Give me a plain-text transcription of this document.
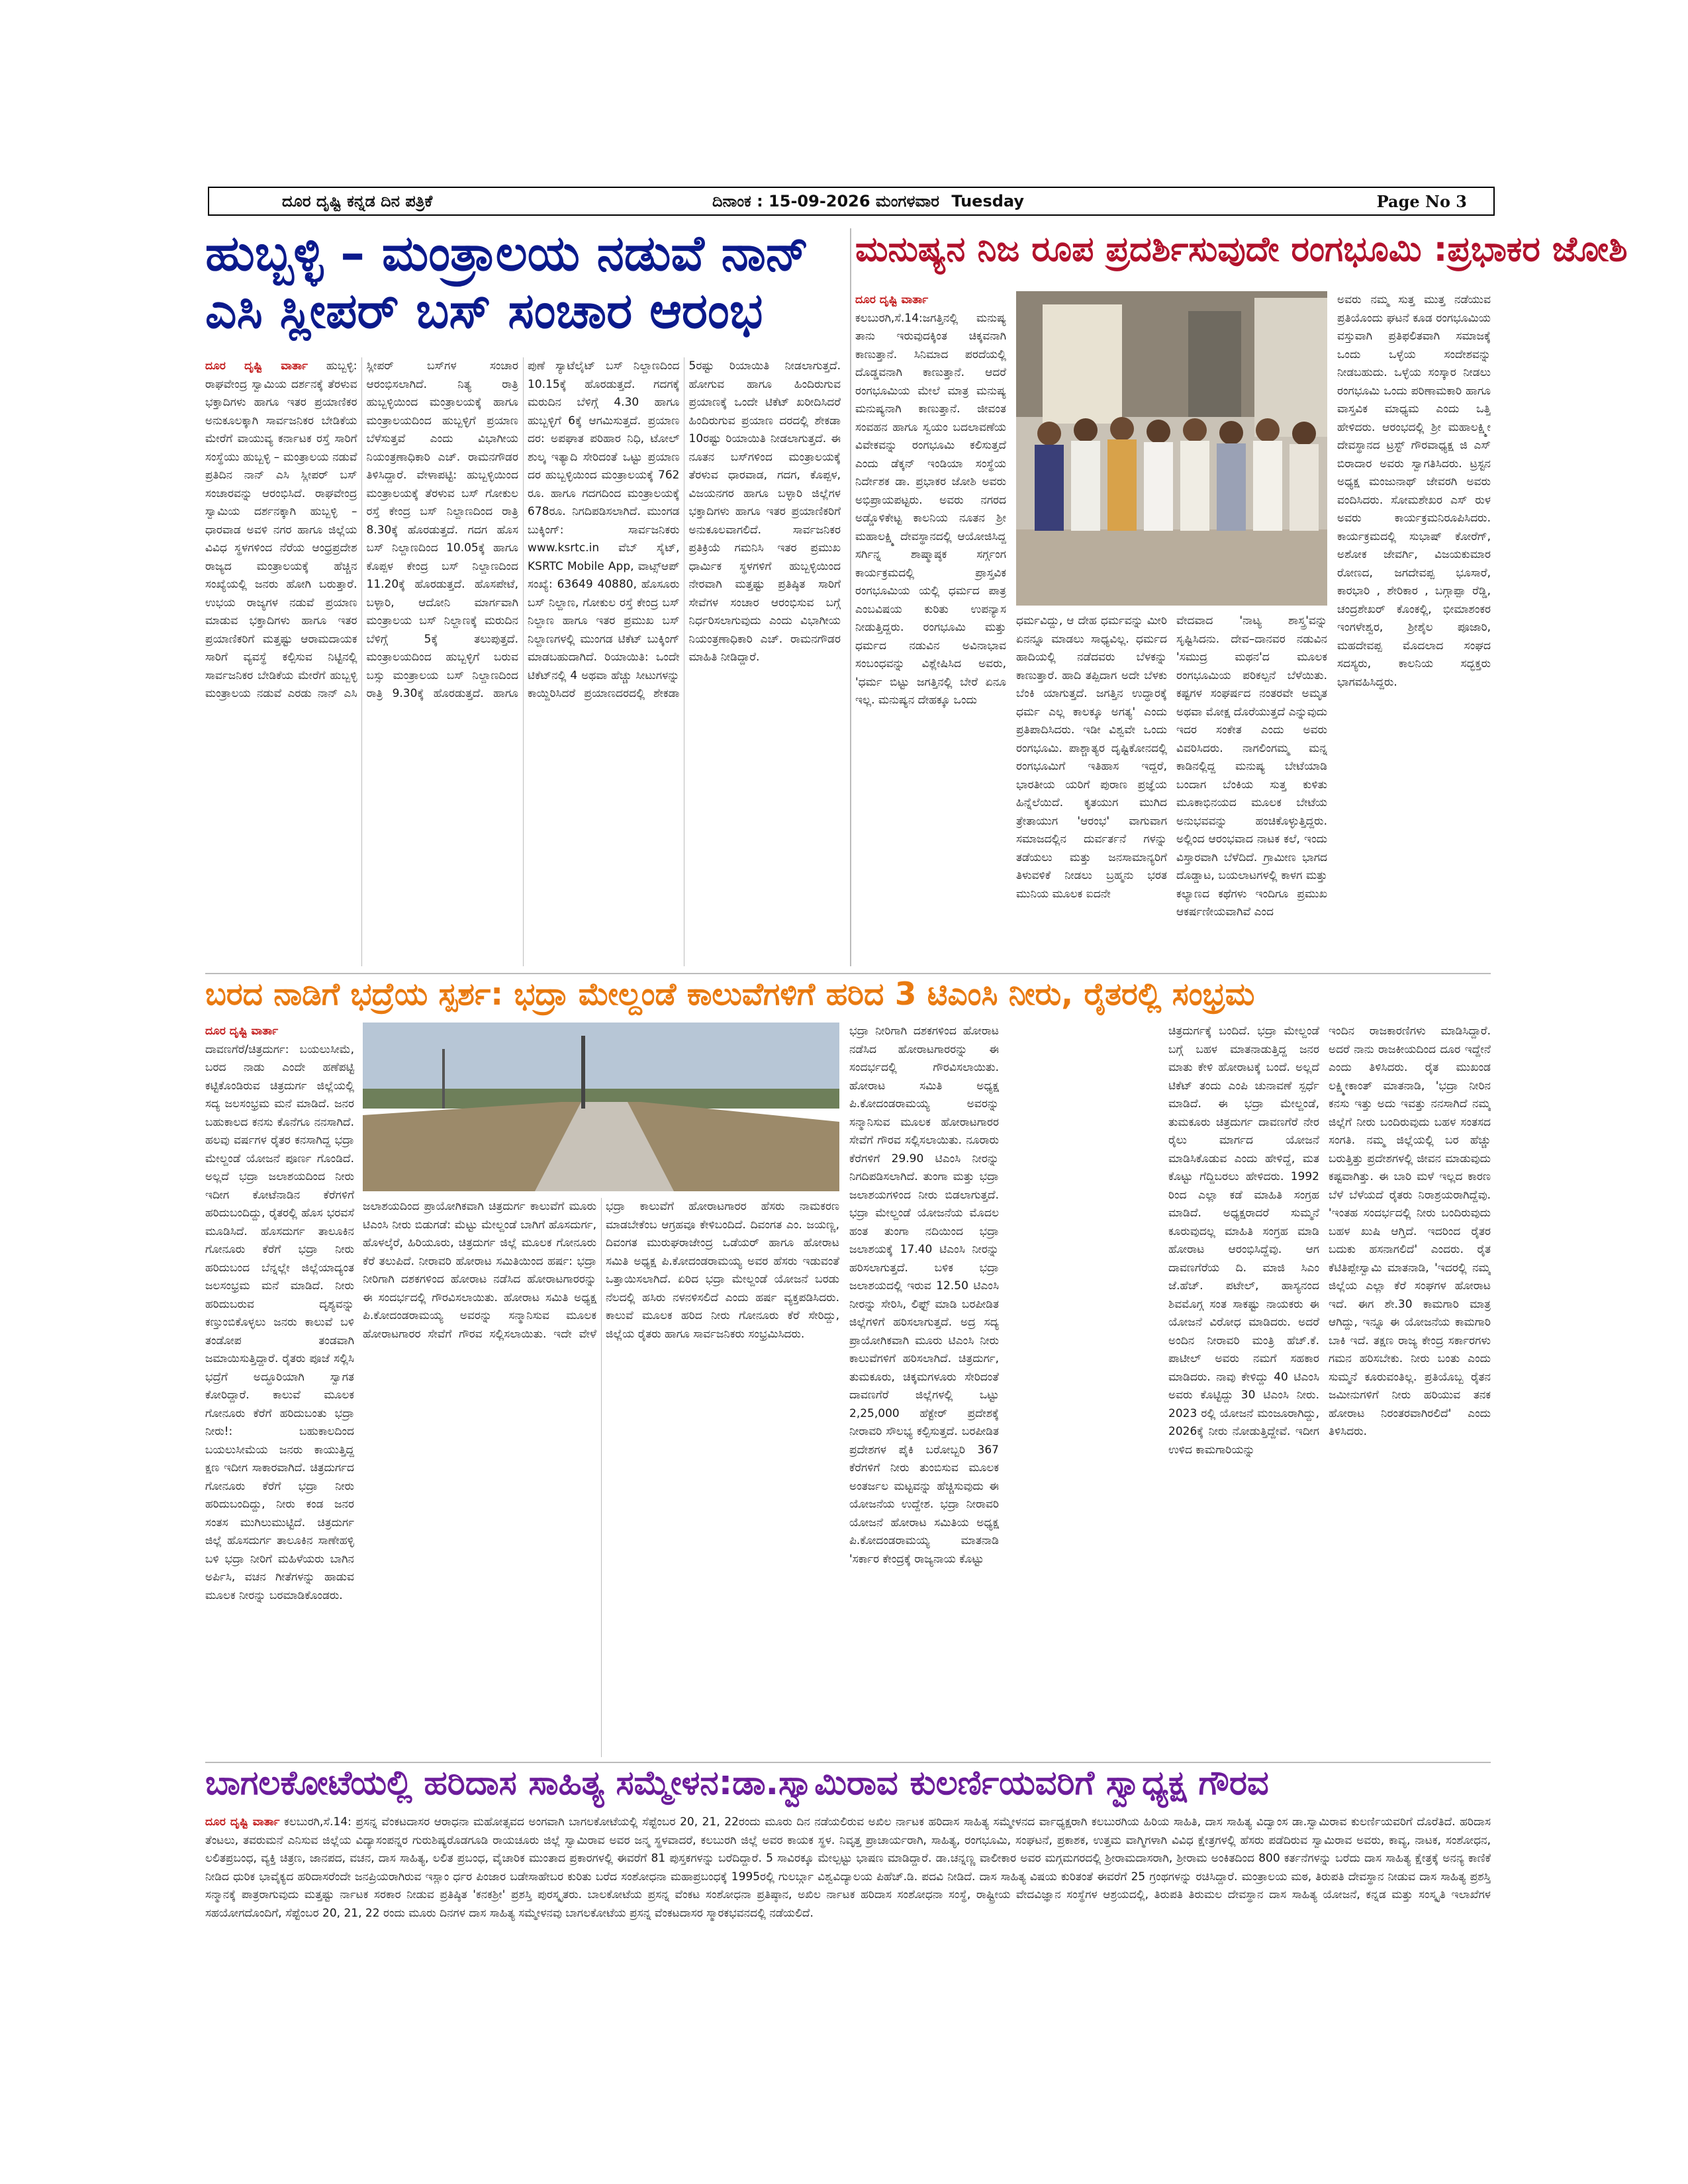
ದೂರ ದೃಷ್ಟಿ ಕನ್ನಡ ದಿನ ಪತ್ರಿಕೆ	ದಿನಾಂಕ : 15-09-2026 ಮಂಗಳವಾರ Tuesday	Page No 3
ಹುಬ್ಬಳ್ಳಿ – ಮಂತ್ರಾಲಯ ನಡುವೆ ನಾನ್
ಎಸಿ ಸ್ಲೀಪರ್ ಬಸ್ ಸಂಚಾರ ಆರಂಭ
ದೂರ ದೃಷ್ಟಿ ವಾರ್ತಾ ಹುಬ್ಬಳ್ಳಿ: ರಾಘವೇಂದ್ರ ಸ್ವಾಮಿಯ ದರ್ಶನಕ್ಕೆ ತೆರಳುವ ಭಕ್ತಾದಿಗಳು ಹಾಗೂ ಇತರ ಪ್ರಯಾಣಿಕರ ಅನುಕೂಲಕ್ಕಾಗಿ ಸಾರ್ವಜನಿಕರ ಬೇಡಿಕೆಯ ಮೇರೆಗೆ ವಾಯುವ್ಯ ಕರ್ನಾಟಕ ರಸ್ತೆ ಸಾರಿಗೆ ಸಂಸ್ಥೆಯು ಹುಬ್ಬಳ್ಳಿ – ಮಂತ್ರಾಲಯ ನಡುವೆ ಪ್ರತಿದಿನ ನಾನ್ ಎಸಿ ಸ್ಲೀಪರ್ ಬಸ್ ಸಂಚಾರವನ್ನು ಆರಂಭಿಸಿದೆ. ರಾಘವೇಂದ್ರ ಸ್ವಾಮಿಯ ದರ್ಶನಕ್ಕಾಗಿ ಹುಬ್ಬಳ್ಳಿ – ಧಾರವಾಡ ಅವಳಿ ನಗರ ಹಾಗೂ ಜಿಲ್ಲೆಯ ವಿವಿಧ ಸ್ಥಳಗಳಿಂದ ನೆರೆಯ ಆಂಧ್ರಪ್ರದೇಶ ರಾಜ್ಯದ ಮಂತ್ರಾಲಯಕ್ಕೆ ಹೆಚ್ಚಿನ ಸಂಖ್ಯೆಯಲ್ಲಿ ಜನರು ಹೋಗಿ ಬರುತ್ತಾರೆ. ಉಭಯ ರಾಜ್ಯಗಳ ನಡುವೆ ಪ್ರಯಾಣ ಮಾಡುವ ಭಕ್ತಾದಿಗಳು ಹಾಗೂ ಇತರ ಪ್ರಯಾಣಿಕರಿಗೆ ಮತ್ತಷ್ಟು ಆರಾಮದಾಯಕ ಸಾರಿಗೆ ವ್ಯವಸ್ಥೆ ಕಲ್ಪಿಸುವ ನಿಟ್ಟಿನಲ್ಲಿ ಸಾರ್ವಜನಿಕರ ಬೇಡಿಕೆಯ ಮೇರೆಗೆ ಹುಬ್ಬಳ್ಳಿ ಮಂತ್ರಾಲಯ ನಡುವೆ ಎರಡು ನಾನ್ ಎಸಿ ಸ್ಲೀಪರ್ ಬಸ್‌ಗಳ ಸಂಚಾರ ಆರಂಭಿಸಲಾಗಿದೆ. ನಿತ್ಯ ರಾತ್ರಿ ಹುಬ್ಬಳ್ಳಿಯಿಂದ ಮಂತ್ರಾಲಯಕ್ಕೆ ಹಾಗೂ ಮಂತ್ರಾಲಯದಿಂದ ಹುಬ್ಬಳ್ಳಿಗೆ ಪ್ರಯಾಣ ಬೆಳೆಸುತ್ತವೆ ಎಂದು ವಿಭಾಗೀಯ ನಿಯಂತ್ರಣಾಧಿಕಾರಿ ಎಚ್. ರಾಮನಗೌಡರ ತಿಳಿಸಿದ್ದಾರೆ. ವೇಳಾಪಟ್ಟಿ: ಹುಬ್ಬಳ್ಳಿಯಿಂದ ಮಂತ್ರಾಲಯಕ್ಕೆ ತೆರಳುವ ಬಸ್ ಗೋಕುಲ ರಸ್ತೆ ಕೇಂದ್ರ ಬಸ್ ನಿಲ್ದಾಣದಿಂದ ರಾತ್ರಿ 8.30ಕ್ಕೆ ಹೊರಡುತ್ತದೆ. ಗದಗ ಹೊಸ ಬಸ್ ನಿಲ್ದಾಣದಿಂದ 10.05ಕ್ಕೆ ಹಾಗೂ ಕೊಪ್ಪಳ ಕೇಂದ್ರ ಬಸ್ ನಿಲ್ದಾಣದಿಂದ 11.20ಕ್ಕೆ ಹೊರಡುತ್ತದೆ. ಹೊಸಪೇಟೆ, ಬಳ್ಳಾರಿ, ಆದೋನಿ ಮಾರ್ಗವಾಗಿ ಮಂತ್ರಾಲಯ ಬಸ್ ನಿಲ್ದಾಣಕ್ಕೆ ಮರುದಿನ ಬೆಳಿಗ್ಗೆ 5ಕ್ಕೆ ತಲುಪುತ್ತದೆ. ಮಂತ್ರಾಲಯದಿಂದ ಹುಬ್ಬಳ್ಳಿಗೆ ಬರುವ ಬಸ್ಸು ಮಂತ್ರಾಲಯ ಬಸ್ ನಿಲ್ದಾಣದಿಂದ ರಾತ್ರಿ 9.30ಕ್ಕೆ ಹೊರಡುತ್ತದೆ. ಹಾಗೂ ಪುಣೆ ಸ್ಯಾಟೆಲೈಟ್ ಬಸ್ ನಿಲ್ದಾಣದಿಂದ 10.15ಕ್ಕೆ ಹೊರಡುತ್ತದೆ. ಗದಗಕ್ಕೆ ಮರುದಿನ ಬೆಳಿಗ್ಗೆ 4.30 ಹಾಗೂ ಹುಬ್ಬಳ್ಳಿಗೆ 6ಕ್ಕೆ ಆಗಮಿಸುತ್ತದೆ. ಪ್ರಯಾಣ ದರ: ಅಪಘಾತ ಪರಿಹಾರ ನಿಧಿ, ಟೋಲ್ ಶುಲ್ಕ ಇತ್ಯಾದಿ ಸೇರಿದಂತೆ ಒಟ್ಟು ಪ್ರಯಾಣ ದರ ಹುಬ್ಬಳ್ಳಿಯಿಂದ ಮಂತ್ರಾಲಯಕ್ಕೆ 762 ರೂ. ಹಾಗೂ ಗದಗದಿಂದ ಮಂತ್ರಾಲಯಕ್ಕೆ 678ರೂ. ನಿಗದಿಪಡಿಸಲಾಗಿದೆ. ಮುಂಗಡ ಬುಕ್ಕಿಂಗ್: ಸಾರ್ವಜನಿಕರು www.ksrtc.in ವೆಬ್ ಸೈಟ್, KSRTC Mobile App, ವಾಟ್ಸ್‌ಆಪ್ ಸಂಖ್ಯೆ: 63649 40880, ಹೊಸೂರು ಬಸ್ ನಿಲ್ದಾಣ, ಗೋಕುಲ ರಸ್ತೆ ಕೇಂದ್ರ ಬಸ್ ನಿಲ್ದಾಣ ಹಾಗೂ ಇತರ ಪ್ರಮುಖ ಬಸ್ ನಿಲ್ದಾಣಗಳಲ್ಲಿ ಮುಂಗಡ ಟಿಕೆಟ್ ಬುಕ್ಕಿಂಗ್ ಮಾಡಬಹುದಾಗಿದೆ. ರಿಯಾಯಿತಿ: ಒಂದೇ ಟಿಕೆಟ್‌ನಲ್ಲಿ 4 ಅಥವಾ ಹೆಚ್ಚು ಸೀಟುಗಳನ್ನು ಕಾಯ್ದಿರಿಸಿದರೆ ಪ್ರಯಾಣದರದಲ್ಲಿ ಶೇಕಡಾ 5ರಷ್ಟು ರಿಯಾಯಿತಿ ನೀಡಲಾಗುತ್ತದೆ. ಹೋಗುವ ಹಾಗೂ ಹಿಂದಿರುಗುವ ಪ್ರಯಾಣಕ್ಕೆ ಒಂದೇ ಟಿಕೆಟ್ ಖರೀದಿಸಿದರೆ ಹಿಂದಿರುಗುವ ಪ್ರಯಾಣ ದರದಲ್ಲಿ ಶೇಕಡಾ 10ರಷ್ಟು ರಿಯಾಯಿತಿ ನೀಡಲಾಗುತ್ತದೆ. ಈ ನೂತನ ಬಸ್‌ಗಳಿಂದ ಮಂತ್ರಾಲಯಕ್ಕೆ ತೆರಳುವ ಧಾರವಾಡ, ಗದಗ, ಕೊಪ್ಪಳ, ವಿಜಯನಗರ ಹಾಗೂ ಬಳ್ಳಾರಿ ಜಿಲ್ಲೆಗಳ ಭಕ್ತಾದಿಗಳು ಹಾಗೂ ಇತರ ಪ್ರಯಾಣಿಕರಿಗೆ ಅನುಕೂಲವಾಗಲಿದೆ. ಸಾರ್ವಜನಿಕರ ಪ್ರತಿಕ್ರಿಯೆ ಗಮನಿಸಿ ಇತರ ಪ್ರಮುಖ ಧಾರ್ಮಿಕ ಸ್ಥಳಗಳಿಗೆ ಹುಬ್ಬಳ್ಳಿಯಿಂದ ನೇರವಾಗಿ ಮತ್ತಷ್ಟು ಪ್ರತಿಷ್ಠಿತ ಸಾರಿಗೆ ಸೇವೆಗಳ ಸಂಚಾರ ಆರಂಭಿಸುವ ಬಗ್ಗೆ ನಿರ್ಧರಿಸಲಾಗುವುದು ಎಂದು ವಿಭಾಗೀಯ ನಿಯಂತ್ರಣಾಧಿಕಾರಿ ಎಚ್. ರಾಮನಗೌಡರ ಮಾಹಿತಿ ನೀಡಿದ್ದಾರೆ.
ಮನುಷ್ಯನ ನಿಜ ರೂಪ ಪ್ರದರ್ಶಿಸುವುದೇ ರಂಗಭೂಮಿ :ಪ್ರಭಾಕರ ಜೋಶಿ
ದೂರ ದೃಷ್ಟಿ ವಾರ್ತಾ
ಕಲಬುರಗಿ,ಸೆ.14:ಜಗತ್ತಿನಲ್ಲಿ ಮನುಷ್ಯ ತಾನು ಇರುವುದಕ್ಕಿಂತ ಚಿಕ್ಕವನಾಗಿ ಕಾಣುತ್ತಾನೆ. ಸಿನಿಮಾದ ಪರದೆಯಲ್ಲಿ ದೊಡ್ಡವನಾಗಿ ಕಾಣುತ್ತಾನೆ. ಆದರೆ ರಂಗಭೂಮಿಯ ಮೇಲೆ ಮಾತ್ರ ಮನುಷ್ಯ ಮನುಷ್ಯನಾಗಿ ಕಾಣುತ್ತಾನೆ. ಜೀವಂತ ಸಂವಹನ ಹಾಗೂ ಸ್ವಯಂ ಬದಲಾವಣೆಯ ವಿವೇಕವನ್ನು ರಂಗಭೂಮಿ ಕಲಿಸುತ್ತದೆ ಎಂದು ಡೆಕ್ಕನ್ ಇಂಡಿಯಾ ಸಂಸ್ಥೆಯ ನಿರ್ದೇಶಕ ಡಾ. ಪ್ರಭಾಕರ ಜೋಶಿ ಅವರು ಅಭಿಪ್ರಾಯಪಟ್ಟರು. ಅವರು ನಗರದ ಅಡ್ಡೊಳಿಕೇಟ್ಟ ಕಾಲನಿಯ ನೂತನ ಶ್ರೀ ಮಹಾಲಕ್ಷ್ಮಿ ದೇವಸ್ಥಾನದಲ್ಲಿ ಆಯೋಜಿಸಿದ್ದ ಸರ್ಗಿನ್ನ ಶಾಷ್ಮಾಷ್ಠಕ ಸರ್ಗ್ಗಂಗ ಕಾರ್ಯಕ್ರಮದಲ್ಲಿ ಪ್ರಾಸ್ತವಿಕ ರಂಗಭೂಮಿಯ ಯಲ್ಲಿ ಧರ್ಮದ ಪಾತ್ರ ಎಂಬವಿಷಯ ಕುರಿತು ಉಪನ್ಯಾಸ ನೀಡುತ್ತಿದ್ದರು. ರಂಗಭೂಮಿ ಮತ್ತು ಧರ್ಮದ ನಡುವಿನ ಅವಿನಾಭಾವ ಸಂಬಂಧವನ್ನು ವಿಶ್ಲೇಷಿಸಿದ ಅವರು, 'ಧರ್ಮ ಬಿಟ್ಟು ಜಗತ್ತಿನಲ್ಲಿ ಬೇರೆ ಏನೂ ಇಲ್ಲ. ಮನುಷ್ಯನ ದೇಹಕ್ಕೂ ಒಂದು
ಧರ್ಮವಿದ್ದು, ಆ ದೇಹ ಧರ್ಮವನ್ನು ಮೀರಿ ಏನನ್ನೂ ಮಾಡಲು ಸಾಧ್ಯವಿಲ್ಲ. ಧರ್ಮದ ಹಾದಿಯಲ್ಲಿ ನಡೆದವರು ಬೆಳಕನ್ನು ಕಾಣುತ್ತಾರೆ. ಹಾದಿ ತಪ್ಪಿದಾಗ ಅದೇ ಬೆಳಕು ಬೆಂಕಿ ಯಾಗುತ್ತದೆ. ಜಗತ್ತಿನ ಉದ್ಧಾರಕ್ಕೆ ಧರ್ಮ ಎಲ್ಲ ಕಾಲಕ್ಕೂ ಅಗತ್ಯ' ಎಂದು ಪ್ರತಿಪಾದಿಸಿದರು. ಇಡೀ ವಿಶ್ವವೇ ಒಂದು ರಂಗಭೂಮಿ. ಪಾಶ್ಚಾತ್ಯರ ದೃಷ್ಟಿಕೋನದಲ್ಲಿ ರಂಗಭೂಮಿಗೆ ಇತಿಹಾಸ ಇದ್ದರೆ, ಭಾರತೀಯ ಯರಿಗೆ ಪುರಾಣ ಪ್ರಜ್ಞೆಯ ಹಿನ್ನೆಲೆಯಿದೆ. ಕೃತಯುಗ ಮುಗಿದ ತ್ರೇತಾಯುಗ 'ಆರಂಭ' ವಾಗುವಾಗ ಸಮಾಜದಲ್ಲಿನ ದುರ್ವರ್ತನೆ ಗಳನ್ನು ತಡೆಯಲು ಮತ್ತು ಜನಸಾಮಾನ್ಯರಿಗೆ ತಿಳುವಳಿಕೆ ನೀಡಲು ಬ್ರಹ್ಮನು ಭರತ ಮುನಿಯ ಮೂಲಕ ಐದನೇ
ವೇದವಾದ 'ನಾಟ್ಯ ಶಾಸ್ತ್ರ'ವನ್ನು ಸೃಷ್ಟಿಸಿದನು. ದೇವ–ದಾನವರ ನಡುವಿನ 'ಸಮುದ್ರ ಮಥನ'ದ ಮೂಲಕ ರಂಗಭೂಮಿಯ ಪರಿಕಲ್ಪನೆ ಬೆಳೆಯಿತು. ಕಷ್ಟಗಳ ಸಂಘರ್ಷದ ನಂತರವೇ ಅಮೃತ ಅಥವಾ ಮೋಕ್ಷ ದೊರೆಯುತ್ತದೆ ಎನ್ನುವುದು ಇದರ ಸಂಕೇತ ಎಂದು ಅವರು ವಿವರಿಸಿದರು. ನಾಗಲಿಂಗಮ್ಮ ಮನ್ನ ಕಾಡಿನಲ್ಲಿದ್ದ ಮನುಷ್ಯ ಬೇಟೆಯಾಡಿ ಬಂದಾಗ ಬೆಂಕಿಯ ಸುತ್ತ ಕುಳಿತು ಮೂಕಾಭಿನಯದ ಮೂಲಕ ಬೇಟೆಯ ಅನುಭವವನ್ನು ಹಂಚಿಕೊಳ್ಳುತ್ತಿದ್ದರು. ಅಲ್ಲಿಂದ ಆರಂಭವಾದ ನಾಟಕ ಕಲೆ, ಇಂದು ವಿಸ್ತಾರವಾಗಿ ಬೆಳೆದಿದೆ. ಗ್ರಾಮೀಣ ಭಾಗದ ದೊಡ್ಡಾಟ, ಬಯಲಾಟಗಳಲ್ಲಿ ಕಾಳಗ ಮತ್ತು ಕಲ್ಯಾಣದ ಕಥೆಗಳು ಇಂದಿಗೂ ಪ್ರಮುಖ ಆಕರ್ಷಣೀಯವಾಗಿವೆ ಎಂದ
ಅವರು ನಮ್ಮ ಸುತ್ತ ಮುತ್ತ ನಡೆಯುವ ಪ್ರತಿಯೊಂದು ಘಟನೆ ಕೂಡ ರಂಗಭೂಮಿಯ ವಸ್ತುವಾಗಿ ಪ್ರತಿಫಲಿತವಾಗಿ ಸಮಾಜಕ್ಕೆ ಒಂದು ಒಳ್ಳೆಯ ಸಂದೇಶವನ್ನು ನೀಡಬಹುದು. ಒಳ್ಳೆಯ ಸಂಸ್ಕಾರ ನೀಡಲು ರಂಗಭೂಮಿ ಒಂದು ಪರಿಣಾಮಕಾರಿ ಹಾಗೂ ವಾಸ್ತವಿಕ ಮಾಧ್ಯಮ ಎಂದು ಒತ್ತಿ ಹೇಳಿದರು. ಆರಂಭದಲ್ಲಿ ಶ್ರೀ ಮಹಾಲಕ್ಷ್ಮೀ ದೇವಸ್ಥಾನದ ಟ್ರಸ್ಟ್ ಗೌರವಾಧ್ಯಕ್ಷ ಜಿ ಎಸ್ ಬಿರಾದಾರ ಅವರು ಸ್ವಾಗತಿಸಿದರು. ಟ್ರಸ್ಟನ ಅಧ್ಯಕ್ಷ ಮಂಜುನಾಥ್ ಜೇವರಗಿ ಅವರು ವಂದಿಸಿದರು. ಸೋಮಶೇಖರ ಎಸ್ ರುಳ ಅವರು ಕಾರ್ಯಕ್ರಮನಿರೂಪಿಸಿದರು. ಕಾರ್ಯಕ್ರಮದಲ್ಲಿ ಸುಭಾಷ್ ಕೋರೆಗ್, ಅಶೋಕ ಜೇವರ್ಗಿ, ವಿಜಯಕುಮಾರ ರೋಣದ, ಜಗದೇವಪ್ಪ ಭೂಸಾರೆ, ಕಾರಭಾರಿ , ಶೇರಿಕಾರ , ಬಗ್ಗಾಪ್ಪಾ ರೆಡ್ಡಿ, ಚಂದ್ರಶೇಖರ್ ಕೊಂಕಲ್ಲಿ, ಭೀಮಾಶಂಕರ ಇಂಗಳೇಶ್ವರ, ಶ್ರೀಶೈಲ ಪೂಜಾರಿ, ಮಹದೇವಪ್ಪ ಮೊದಲಾದ ಸಂಘದ ಸದಸ್ಯರು, ಕಾಲನಿಯ ಸದ್ಭಕ್ತರು ಭಾಗವಹಿಸಿದ್ದರು.
ಬರದ ನಾಡಿಗೆ ಭದ್ರೆಯ ಸ್ಪರ್ಶ: ಭದ್ರಾ ಮೇಲ್ದಂಡೆ ಕಾಲುವೆಗಳಿಗೆ ಹರಿದ 3 ಟಿಎಂಸಿ ನೀರು, ರೈತರಲ್ಲಿ ಸಂಭ್ರಮ
ದೂರ ದೃಷ್ಟಿ ವಾರ್ತಾ
ದಾವಣಗೆರೆ/ಚಿತ್ರದುರ್ಗ: ಬಯಲುಸೀಮೆ, ಬರದ ನಾಡು ಎಂದೇ ಹಣೆಪಟ್ಟಿ ಕಟ್ಟಿಕೊಂಡಿರುವ ಚಿತ್ರದುರ್ಗ ಜಿಲ್ಲೆಯಲ್ಲಿ ಸದ್ಯ ಜಲಸಂಭ್ರಮ ಮನೆ ಮಾಡಿದೆ. ಜನರ ಬಹುಕಾಲದ ಕನಸು ಕೊನೆಗೂ ನನಸಾಗಿದೆ. ಹಲವು ವರ್ಷಗಳ ರೈತರ ಕನಸಾಗಿದ್ದ ಭದ್ರಾ ಮೇಲ್ದಂಡೆ ಯೋಜನೆ ಪೂರ್ಣ ಗೊಂಡಿದೆ. ಅಲ್ಲದೆ ಭದ್ರಾ ಜಲಾಶಯದಿಂದ ನೀರು ಇದೀಗ ಕೋಟೆನಾಡಿನ ಕೆರೆಗಳಿಗೆ ಹರಿದುಬಂದಿದ್ದು, ರೈತರಲ್ಲಿ ಹೊಸ ಭರವಸೆ ಮೂಡಿಸಿದೆ. ಹೊಸದುರ್ಗ ತಾಲೂಕಿನ ಗೋನೂರು ಕೆರೆಗೆ ಭದ್ರಾ ನೀರು ಹರಿದುಬಂದ ಬೆನ್ನಲ್ಲೇ ಜಿಲ್ಲೆಯಾದ್ಯಂತ ಜಲಸಂಭ್ರಮ ಮನೆ ಮಾಡಿದೆ. ನೀರು ಹರಿದುಬರುವ ದೃಶ್ಯವನ್ನು ಕಣ್ತುಂಬಿಕೊಳ್ಳಲು ಜನರು ಕಾಲುವೆ ಬಳಿ ತಂಡೋಪ ತಂಡವಾಗಿ ಜಮಾಯಿಸುತ್ತಿದ್ದಾರೆ. ರೈತರು ಪೂಜೆ ಸಲ್ಲಿಸಿ ಭದ್ರೆಗೆ ಅದ್ಧೂರಿಯಾಗಿ ಸ್ವಾಗತ ಕೋರಿದ್ದಾರೆ. ಕಾಲುವೆ ಮೂಲಕ ಗೋನೂರು ಕೆರೆಗೆ ಹರಿದುಬಂತು ಭದ್ರಾ ನೀರು!: ಬಹುಕಾಲದಿಂದ ಬಯಲುಸೀಮೆಯ ಜನರು ಕಾಯುತ್ತಿದ್ದ ಕ್ಷಣ ಇದೀಗ ಸಾಕಾರವಾಗಿದೆ. ಚಿತ್ರದುರ್ಗದ ಗೋನೂರು ಕೆರೆಗೆ ಭದ್ರಾ ನೀರು ಹರಿದುಬಂದಿದ್ದು, ನೀರು ಕಂಡ ಜನರ ಸಂತಸ ಮುಗಿಲುಮುಟ್ಟಿದೆ. ಚಿತ್ರದುರ್ಗ ಜಿಲ್ಲೆ ಹೊಸದುರ್ಗ ತಾಲೂಕಿನ ಸಾಣೇಹಳ್ಳಿ ಬಳಿ ಭದ್ರಾ ನೀರಿಗೆ ಮಹಿಳೆಯರು ಬಾಗಿನ ಅರ್ಪಿಸಿ, ವಚನ ಗೀತೆಗಳನ್ನು ಹಾಡುವ ಮೂಲಕ ನೀರನ್ನು ಬರಮಾಡಿಕೊಂಡರು.
ಜಲಾಶಯದಿಂದ ಪ್ರಾಯೋಗಿಕವಾಗಿ ಚಿತ್ರದುರ್ಗ ಕಾಲುವೆಗೆ ಮೂರು ಟಿಎಂಸಿ ನೀರು ಬಿಡುಗಡೆ: ಮೆಟ್ಟು ಮೇಲ್ದಂಡೆ ಬಾಗಿಗೆ ಹೊಸದುರ್ಗ, ಹೊಳಲ್ಕೆರೆ, ಹಿರಿಯೂರು, ಚಿತ್ರದುರ್ಗ ಜಿಲ್ಲೆ ಮೂಲಕ ಗೋನೂರು ಕೆರೆ ತಲುಪಿದೆ. ನೀರಾವರಿ ಹೋರಾಟ ಸಮಿತಿಯಿಂದ ಹರ್ಷ: ಭದ್ರಾ ನೀರಿಗಾಗಿ ದಶಕಗಳಿಂದ ಹೋರಾಟ ನಡೆಸಿದ ಹೋರಾಟಗಾರರನ್ನು ಈ ಸಂದರ್ಭದಲ್ಲಿ ಗೌರವಿಸಲಾಯಿತು. ಹೋರಾಟ ಸಮಿತಿ ಅಧ್ಯಕ್ಷ ಪಿ.ಕೋದಂಡರಾಮಯ್ಯ ಅವರನ್ನು ಸನ್ಮಾನಿಸುವ ಮೂಲಕ ಹೋರಾಟಗಾರರ ಸೇವೆಗೆ ಗೌರವ ಸಲ್ಲಿಸಲಾಯಿತು. ಇದೇ ವೇಳೆ ಭದ್ರಾ ಕಾಲುವೆಗೆ ಹೋರಾಟಗಾರರ ಹೆಸರು ನಾಮಕರಣ ಮಾಡಬೇಕೆಂಬ ಆಗ್ರಹವೂ ಕೇಳಿಬಂದಿದೆ. ದಿವಂಗತ ಎಂ. ಜಯಣ್ಣ, ದಿವಂಗತ ಮುರುಘರಾಜೇಂದ್ರ ಒಡೆಯರ್ ಹಾಗೂ ಹೋರಾಟ ಸಮಿತಿ ಅಧ್ಯಕ್ಷ ಪಿ.ಕೋದಂಡರಾಮಯ್ಯ ಅವರ ಹೆಸರು ಇಡುವಂತೆ ಒತ್ತಾಯಿಸಲಾಗಿದೆ. ಏರಿದ ಭದ್ರಾ ಮೇಲ್ದಂಡೆ ಯೋಜನೆ ಬರಡು ನೆಲದಲ್ಲಿ ಹಸಿರು ನಳನಳಿಸಲಿದೆ ಎಂದು ಹರ್ಷ ವ್ಯಕ್ತಪಡಿಸಿದರು. ಕಾಲುವೆ ಮೂಲಕ ಹರಿದ ನೀರು ಗೋನೂರು ಕೆರೆ ಸೇರಿದ್ದು, ಜಿಲ್ಲೆಯ ರೈತರು ಹಾಗೂ ಸಾರ್ವಜನಿಕರು ಸಂಭ್ರಮಿಸಿದರು.
ಭದ್ರಾ ನೀರಿಗಾಗಿ ದಶಕಗಳಿಂದ ಹೋರಾಟ ನಡೆಸಿದ ಹೋರಾಟಗಾರರನ್ನು ಈ ಸಂದರ್ಭದಲ್ಲಿ ಗೌರವಿಸಲಾಯಿತು. ಹೋರಾಟ ಸಮಿತಿ ಅಧ್ಯಕ್ಷ ಪಿ.ಕೋದಂಡರಾಮಯ್ಯ ಅವರನ್ನು ಸನ್ಮಾನಿಸುವ ಮೂಲಕ ಹೋರಾಟಗಾರರ ಸೇವೆಗೆ ಗೌರವ ಸಲ್ಲಿಸಲಾಯಿತು. ನೂರಾರು ಕೆರೆಗಳಿಗೆ 29.90 ಟಿಎಂಸಿ ನೀರನ್ನು ನಿಗದಿಪಡಿಸಲಾಗಿದೆ. ತುಂಗಾ ಮತ್ತು ಭದ್ರಾ ಜಲಾಶಯಗಳಿಂದ ನೀರು ಬಿಡಲಾಗುತ್ತದೆ. ಭದ್ರಾ ಮೇಲ್ದಂಡೆ ಯೋಜನೆಯ ಮೊದಲ ಹಂತ ತುಂಗಾ ನದಿಯಿಂದ ಭದ್ರಾ ಜಲಾಶಯಕ್ಕೆ 17.40 ಟಿಎಂಸಿ ನೀರನ್ನು ಹರಿಸಲಾಗುತ್ತದೆ. ಬಳಿಕ ಭದ್ರಾ ಜಲಾಶಯದಲ್ಲಿ ಇರುವ 12.50 ಟಿಎಂಸಿ ನೀರನ್ನು ಸೇರಿಸಿ, ಲಿಫ್ಟ್ ಮಾಡಿ ಬರಪೀಡಿತ ಜಿಲ್ಲೆಗಳಿಗೆ ಹರಿಸಲಾಗುತ್ತದೆ. ಅದ್ರ ಸದ್ಯ ಪ್ರಾಯೋಗಿಕವಾಗಿ ಮೂರು ಟಿಎಂಸಿ ನೀರು ಕಾಲುವೆಗಳಿಗೆ ಹರಿಸಲಾಗಿದೆ. ಚಿತ್ರದುರ್ಗ, ತುಮಕೂರು, ಚಿಕ್ಕಮಗಳೂರು ಸೇರಿದಂತೆ ದಾವಣಗೆರೆ ಜಿಲ್ಲೆಗಳಲ್ಲಿ ಒಟ್ಟು 2,25,000 ಹೆಕ್ಟೇರ್ ಪ್ರದೇಶಕ್ಕೆ ನೀರಾವರಿ ಸೌಲಭ್ಯ ಕಲ್ಪಿಸುತ್ತದೆ. ಬರಪೀಡಿತ ಪ್ರದೇಶಗಳ ಪೈಕಿ ಬರೋಬ್ಬರಿ 367 ಕೆರೆಗಳಿಗೆ ನೀರು ತುಂಬಿಸುವ ಮೂಲಕ ಅಂತರ್ಜಲ ಮಟ್ಟವನ್ನು ಹೆಚ್ಚಿಸುವುದು ಈ ಯೋಜನೆಯ ಉದ್ದೇಶ. ಭದ್ರಾ ನೀರಾವರಿ ಯೋಜನೆ ಹೋರಾಟ ಸಮಿತಿಯ ಅಧ್ಯಕ್ಷ ಪಿ.ಕೋದಂಡರಾಮಯ್ಯ ಮಾತನಾಡಿ 'ಸರ್ಕಾರ ಕೇಂದ್ರಕ್ಕೆ ರಾಜ್ಯನಾಯ ಕೊಟ್ಟು
ಚಿತ್ರದುರ್ಗಕ್ಕೆ ಬಂದಿದೆ. ಭದ್ರಾ ಮೇಲ್ದಂಡೆ ಬಗ್ಗೆ ಬಹಳ ಮಾತನಾಡುತ್ತಿದ್ದ ಜನರ ಮಾತು ಕೇಳಿ ಹೋರಾಟಕ್ಕೆ ಬಂದೆ. ಅಲ್ಲದೆ ಟಿಕೆಟ್ ತಂದು ಎಂಪಿ ಚುನಾವಣೆ ಸ್ಪರ್ಧೆ ಮಾಡಿದೆ. ಈ ಭದ್ರಾ ಮೇಲ್ದಂಡೆ, ತುಮಕೂರು ಚಿತ್ರದುರ್ಗ ದಾವಣಗೆರೆ ನೇರ ರೈಲು ಮಾರ್ಗದ ಯೋಜನೆ ಮಾಡಿಸಿಕೊಡುವ ಎಂದು ಹೇಳಿದ್ದೆ, ಮತ ಕೊಟ್ಟು ಗೆದ್ದಿಬರಲು ಹೇಳಿದರು. 1992 ರಿಂದ ಎಲ್ಲಾ ಕಡೆ ಮಾಹಿತಿ ಸಂಗ್ರಹ ಮಾಡಿದೆ. ಅಧ್ಯಕ್ಷರಾದರೆ ಸುಮ್ಮನೆ ಕೂರುವುದಲ್ಲ ಮಾಹಿತಿ ಸಂಗ್ರಹ ಮಾಡಿ ಹೋರಾಟ ಆರಂಭಿಸಿದ್ದೆವು. ಆಗ ದಾವಣಗೆರೆಯ ದಿ. ಮಾಜಿ ಸಿಎಂ ಜೆ.ಹೆಚ್. ಪಟೇಲ್, ಹಾಸ್ಯನಂದ ಶಿವಮೊಗ್ಗ ಸಂತ ಸಾಕಷ್ಟು ನಾಯಕರು ಈ ಯೋಜನೆ ವಿರೋಧ ಮಾಡಿದರು. ಅದರೆ ಅಂದಿನ ನೀರಾವರಿ ಮಂತ್ರಿ ಹೆಚ್.ಕೆ. ಪಾಟೀಲ್ ಅವರು ನಮಗೆ ಸಹಕಾರ ಮಾಡಿದರು. ನಾವು ಕೇಳಿದ್ದು 40 ಟಿಎಂಸಿ ಅವರು ಕೊಟ್ಟಿದ್ದು 30 ಟಿಎಂಸಿ ನೀರು. 2023 ರಲ್ಲಿ ಯೋಜನೆ ಮಂಜೂರಾಗಿದ್ದು, 2026ಕ್ಕೆ ನೀರು ನೋಡುತ್ತಿದ್ದೇವೆ. ಇದೀಗ ಉಳಿದ ಕಾಮಗಾರಿಯನ್ನು
ಇಂದಿನ ರಾಜಕಾರಣಿಗಳು ಮಾಡಿಸಿದ್ದಾರೆ. ಅದರೆ ನಾನು ರಾಜಕೀಯದಿಂದ ದೂರ ಇದ್ದೇನೆ ಎಂದು ತಿಳಿಸಿದರು. ರೈತ ಮುಖಂಡ ಲಕ್ಷ್ಮೀಕಾಂತ್ ಮಾತನಾಡಿ, 'ಭದ್ರಾ ನೀರಿನ ಕನಸು ಇತ್ತು ಅದು ಇವತ್ತು ನನಸಾಗಿದೆ ನಮ್ಮ ಜಿಲ್ಲೆಗೆ ನೀರು ಬಂದಿರುವುದು ಬಹಳ ಸಂತಸದ ಸಂಗತಿ. ನಮ್ಮ ಜಿಲ್ಲೆಯಲ್ಲಿ ಬರ ಹೆಚ್ಚು ಬರುತ್ತಿತ್ತು ಪ್ರದೇಶಗಳಲ್ಲಿ ಜೀವನ ಮಾಡುವುದು ಕಷ್ಟವಾಗಿತ್ತು. ಈ ಬಾರಿ ಮಳೆ ಇಲ್ಲದ ಕಾರಣ ಬೆಳೆ ಬೆಳೆಯದೆ ರೈತರು ನಿರಾಶ್ರಯರಾಗಿದ್ದೆವು. 'ಇಂತಹ ಸಂದರ್ಭದಲ್ಲಿ ನೀರು ಬಂದಿರುವುದು ಬಹಳ ಖುಷಿ ಆಗ್ತಿದೆ. ಇದರಿಂದ ರೈತರ ಬದುಕು ಹಸನಾಗಲಿದೆ' ಎಂದರು. ರೈತ ಕೆಟಿತಿಪ್ಪೇಸ್ವಾಮಿ ಮಾತನಾಡಿ, 'ಇದರಲ್ಲಿ ನಮ್ಮ ಜಿಲ್ಲೆಯ ಎಲ್ಲಾ ಕೆರೆ ಸಂಘಗಳ ಹೋರಾಟ ಇದೆ. ಈಗ ಶೇ.30 ಕಾಮಗಾರಿ ಮಾತ್ರ ಆಗಿದ್ದು, ಇನ್ನೂ ಈ ಯೋಜನೆಯ ಕಾಮಗಾರಿ ಬಾಕಿ ಇದೆ. ತಕ್ಷಣ ರಾಜ್ಯ ಕೇಂದ್ರ ಸರ್ಕಾರಗಳು ಗಮನ ಹರಿಸಬೇಕು. ನೀರು ಬಂತು ಎಂದು ಸುಮ್ಮನೆ ಕೂರುವಂತಿಲ್ಲ. ಪ್ರತಿಯೊಬ್ಬ ರೈತನ ಜಮೀನುಗಳಿಗೆ ನೀರು ಹರಿಯುವ ತನಕ ಹೋರಾಟ ನಿರಂತರವಾಗಿರಲಿದೆ' ಎಂದು ತಿಳಿಸಿದರು.
ಬಾಗಲಕೋಟೆಯಲ್ಲಿ ಹರಿದಾಸ ಸಾಹಿತ್ಯ ಸಮ್ಮೇಳನ:ಡಾ.ಸ್ವಾಮಿರಾವ ಕುಲರ್ಣಿಯವರಿಗೆ ಸ್ವಾಧ್ಯಕ್ಷ ಗೌರವ
ದೂರ ದೃಷ್ಟಿ ವಾರ್ತಾ ಕಲಬುರಗಿ,ಸೆ.14: ಪ್ರಸನ್ನ ವೆಂಕಟದಾಸರ ಆರಾಧನಾ ಮಹೋತ್ಸವದ ಅಂಗವಾಗಿ ಬಾಗಲಕೋಟೆಯಲ್ಲಿ ಸೆಪ್ಟೆಂಬರ 20, 21, 22ರಂದು ಮೂರು ದಿನ ನಡೆಯಲಿರುವ ಅಖಿಲ ರ್ನಾಟಕ ಹರಿದಾಸ ಸಾಹಿತ್ಯ ಸಮ್ಮೇಳನದ ರ್ವಾಧ್ಯಕ್ಷರಾಗಿ ಕಲಬುರಗಿಯ ಹಿರಿಯ ಸಾಹಿತಿ, ದಾಸ ಸಾಹಿತ್ಯ ವಿದ್ವಾಂಸ ಡಾ.ಸ್ವಾಮಿರಾವ ಕುಲರ್ಣಿಯವರಿಗೆ ದೊರೆತಿದೆ. ಹರಿದಾಸ ತೆಂಟಲು, ತವರುಮನೆ ಎನಿಸುವ ಜಿಲ್ಲೆಯ ವಿದ್ಯಾಸಂಪನ್ನರ ಗುರುಶಿಷ್ಯರೊಡಗೂಡಿ ರಾಯಚೂರು ಜಿಲ್ಲೆ ಸ್ವಾಮಿರಾವ ಅವರ ಜನ್ಮ ಸ್ಥಳವಾದರೆ, ಕಲಬುರಗಿ ಜಿಲ್ಲೆ ಅವರ ಕಾಯಕ ಸ್ಥಳ. ನಿವೃತ್ತ ಪ್ರಾಚಾರ್ಯರಾಗಿ, ಸಾಹಿತ್ಯ, ರಂಗಭೂಮಿ, ಸಂಘಟನೆ, ಪ್ರಕಾಶಕ, ಉತ್ತಮ ವಾಗ್ಮಿಗಳಾಗಿ ವಿವಿಧ ಕ್ಷೇತ್ರಗಳಲ್ಲಿ ಹೆಸರು ಪಡೆದಿರುವ ಸ್ವಾಮಿರಾವ ಅವರು, ಕಾವ್ಯ, ನಾಟಕ, ಸಂಶೋಧನ, ಲಲಿತಪ್ರಬಂಧ, ವ್ಯಕ್ತಿ ಚಿತ್ರಣ, ಜಾನಪದ, ವಚನ, ದಾಸ ಸಾಹಿತ್ಯ, ಲಲಿತ ಪ್ರಬಂಧ, ವೈಚಾರಿಕ ಮುಂತಾದ ಪ್ರಕಾರಗಳಲ್ಲಿ ಈವರೆಗೆ 81 ಪುಸ್ತಕಗಳನ್ನು ಬರೆದಿದ್ದಾರೆ. 5 ಸಾವಿರಕ್ಕೂ ಮೇಲ್ಪಟ್ಟು ಭಾಷಣ ಮಾಡಿದ್ದಾರೆ. ಡಾ.ಚನ್ನಣ್ಣ ವಾಲೀಕಾರ ಅವರ ಮಗ್ಗಮಗರದಲ್ಲಿ ಶ್ರೀರಾಮದಾಸರಾಗಿ, ಶ್ರೀರಾಮ ಅಂಕಿತದಿಂದ 800 ಕರ್ತನೆಗಳನ್ನು ಬರೆದು ದಾಸ ಸಾಹಿತ್ಯ ಕ್ಷೇತ್ರಕ್ಕೆ ಅನನ್ಯ ಕಾಣಿಕೆ ನೀಡಿದ ಧುರಿಕ ಭಾವೈಕ್ಯದ ಹರಿದಾಸರೆಂದೇ ಜನಪ್ರಿಯರಾಗಿರುವ ಇಸ್ಲಾಂ ರ್ಧರ ಪಿಂಜಾರ ಬಡೇಸಾಹೇಬರ ಕುರಿತು ಬರೆದ ಸಂಶೋಧನಾ ಮಹಾಪ್ರಬಂಧಕ್ಕೆ 1995ರಲ್ಲಿ ಗುಲರ್ಬ್ಗಾ ವಿಶ್ವವಿದ್ಯಾಲಯ ಪಿಹೆಚ್.ಡಿ. ಪದವಿ ನೀಡಿದೆ. ದಾಸ ಸಾಹಿತ್ಯ ವಿಷಯ ಕುರಿತಂತೆ ಈವರೆಗೆ 25 ಗ್ರಂಥಗಳನ್ನು ರಚಿಸಿದ್ದಾರೆ. ಮಂತ್ರಾಲಯ ಮಠ, ತಿರುಪತಿ ದೇವಸ್ಥಾನ ನೀಡುವ ದಾಸ ಸಾಹಿತ್ಯ ಪ್ರಶಸ್ತಿ ಸನ್ಮಾನಕ್ಕೆ ಪಾತ್ರರಾಗುವುದು ಮತ್ತಷ್ಟು ರ್ನಾಟಕ ಸರಕಾರ ನೀಡುವ ಪ್ರತಿಷ್ಠಿತ 'ಕನಕಶ್ರೀ' ಪ್ರಶಸ್ತಿ ಪುರಸ್ಕೃತರು. ಬಾಲಕೋಟೆಯ ಪ್ರಸನ್ನ ವೆಂಕಟ ಸಂಶೋಧನಾ ಪ್ರತಿಷ್ಠಾನ, ಅಖಿಲ ರ್ನಾಟಕ ಹರಿದಾಸ ಸಂಶೋಧನಾ ಸಂಸ್ಥೆ, ರಾಷ್ಟ್ರೀಯ ವೇದವಿಜ್ಞಾನ ಸಂಸ್ಥೆಗಳ ಆಶ್ರಯದಲ್ಲಿ, ತಿರುಪತಿ ತಿರುಮಲ ದೇವಸ್ಥಾನ ದಾಸ ಸಾಹಿತ್ಯ ಯೋಜನೆ, ಕನ್ನಡ ಮತ್ತು ಸಂಸ್ಕೃತಿ ಇಲಾಖೆಗಳ ಸಹಯೋಗದೊಂದಿಗೆ, ಸೆಪ್ಟೆಂಬರ 20, 21, 22 ರಂದು ಮೂರು ದಿನಗಳ ದಾಸ ಸಾಹಿತ್ಯ ಸಮ್ಮೇಳನವು ಬಾಗಲಕೋಟೆಯ ಪ್ರಸನ್ನ ವೆಂಕಟದಾಸರ ಸ್ಮಾರಕಭವನದಲ್ಲಿ ನಡೆಯಲಿದೆ.
